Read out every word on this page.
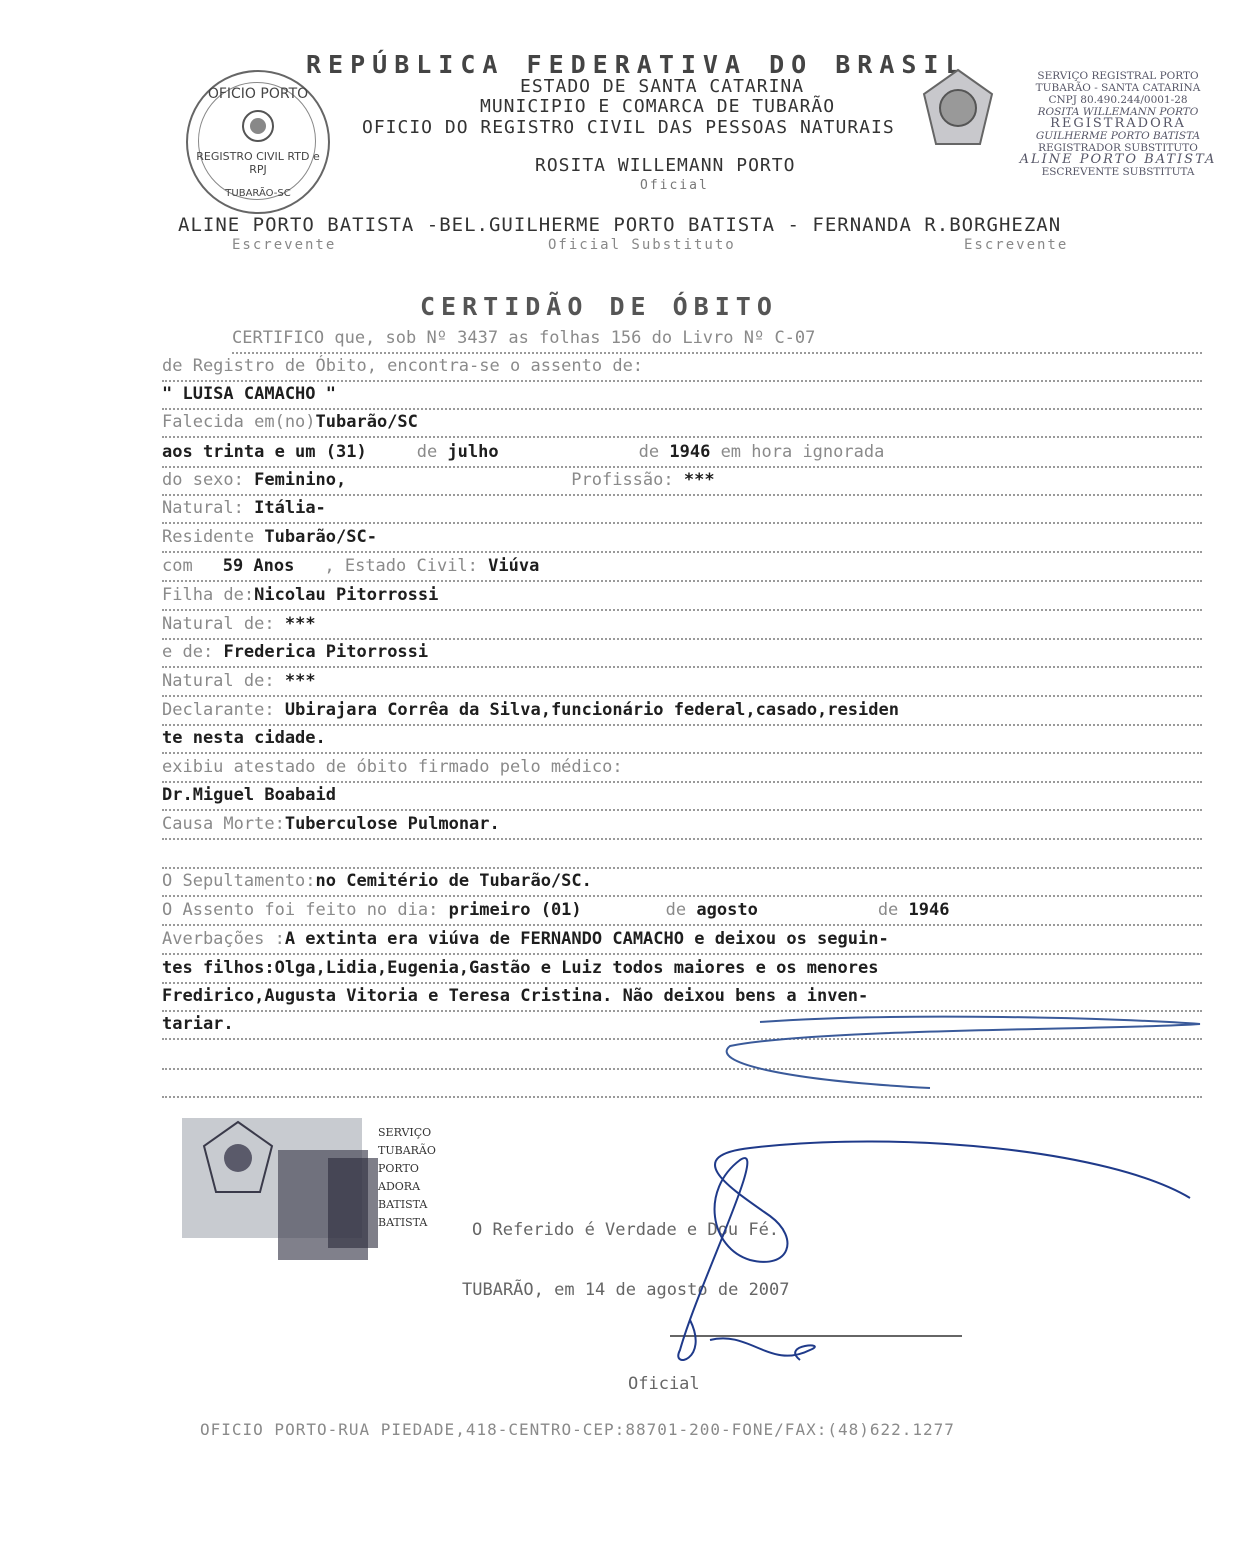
OFICIO PORTO
REGISTRO CIVIL RTD e RPJ
TUBARÃO-SC
REPÚBLICA FEDERATIVA DO BRASIL
ESTADO DE SANTA CATARINA
MUNICIPIO E COMARCA DE TUBARÃO
OFICIO DO REGISTRO CIVIL DAS PESSOAS NATURAIS
ROSITA WILLEMANN PORTO
Oficial
SERVIÇO REGISTRAL PORTO
TUBARÃO - SANTA CATARINA
CNPJ 80.490.244/0001-28
ROSITA WILLEMANN PORTO
REGISTRADORA
GUILHERME PORTO BATISTA
REGISTRADOR SUBSTITUTO
ALINE PORTO BATISTA
ESCREVENTE SUBSTITUTA
ALINE PORTO BATISTA -BEL.GUILHERME PORTO BATISTA - FERNANDA R.BORGHEZAN
Escrevente	Oficial Substituto	Escrevente
CERTIDÃO DE ÓBITO
CERTIFICO que, sob Nº 3437 as folhas 156 do Livro Nº C-07
de Registro de Óbito, encontra-se o assento de:
" LUISA CAMACHO "
Falecida em(no)Tubarão/SC
aos trinta e um (31)	de julho	de 1946 em hora ignorada
do sexo: Feminino,	Profissão: ***
Natural: Itália-
Residente Tubarão/SC-
com 59 Anos , Estado Civil: Viúva
Filha de:Nicolau Pitorrossi
Natural de: ***
e de: Frederica Pitorrossi
Natural de: ***
Declarante: Ubirajara Corrêa da Silva,funcionário federal,casado,residen
te nesta cidade.
exibiu atestado de óbito firmado pelo médico:
Dr.Miguel Boabaid
Causa Morte:Tuberculose Pulmonar.
O Sepultamento:no Cemitério de Tubarão/SC.
O Assento foi feito no dia: primeiro (01)	de agosto	de 1946
Averbações :A extinta era viúva de FERNANDO CAMACHO e deixou os seguin-
tes filhos:Olga,Lidia,Eugenia,Gastão e Luiz todos maiores e os menores
Fredirico,Augusta Vitoria e Teresa Cristina. Não deixou bens a inven-
tariar.
SERVIÇO
TUBARÃO
PORTO
ADORA
BATISTA
BATISTA	O Referido é Verdade e Dou Fé.
TUBARÃO, em 14 de agosto de 2007
Oficial
OFICIO PORTO-RUA PIEDADE,418-CENTRO-CEP:88701-200-FONE/FAX:(48)622.1277
